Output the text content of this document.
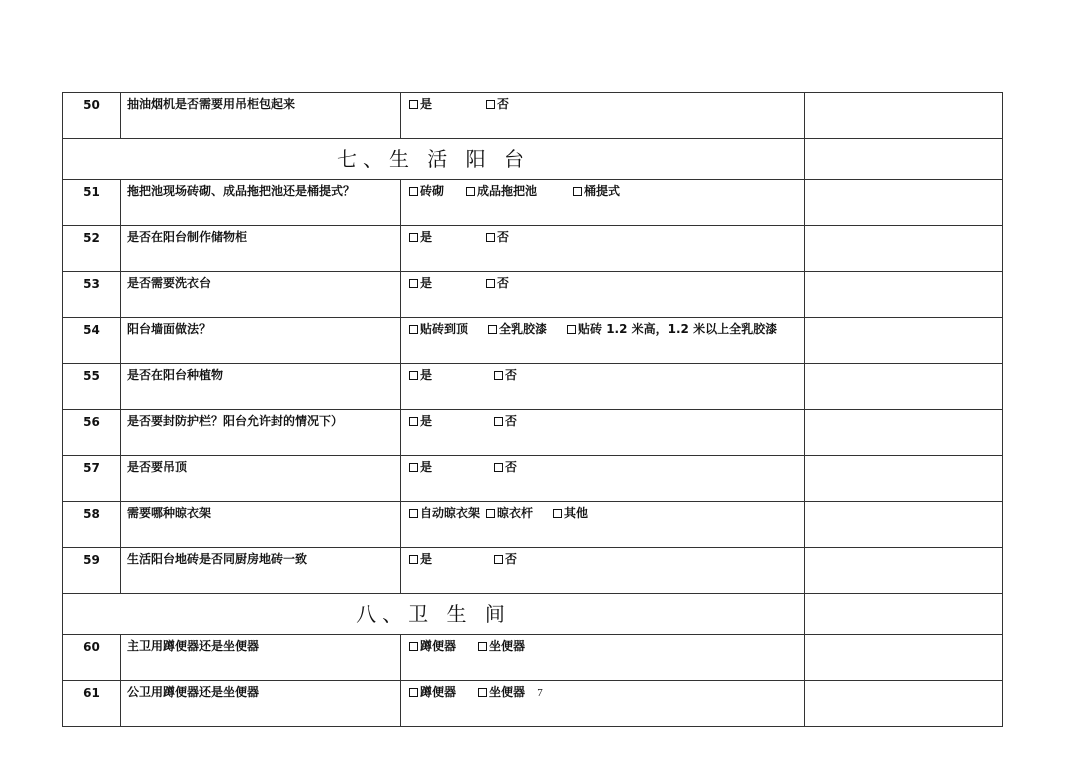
50	抽油烟机是否需要用吊柜包起来	是 否	
七、生 活 阳 台			
51	拖把池现场砖砌、成品拖把池还是桶提式？	砖砌 成品拖把池 桶提式	
52	是否在阳台制作储物柜	是 否	
53	是否需要洗衣台	是 否	
54	阳台墙面做法？	贴砖到顶 全乳胶漆 贴砖 1.2 米高，1.2 米以上全乳胶漆	
55	是否在阳台种植物	是 否	
56	是否要封防护栏？阳台允许封的情况下）	是 否	
57	是否要吊顶	是 否	
58	需要哪种晾衣架	自动晾衣架 晾衣杆 其他	
59	生活阳台地砖是否同厨房地砖一致	是 否	
八、卫 生 间			
60	主卫用蹲便器还是坐便器	蹲便器 坐便器	
61	公卫用蹲便器还是坐便器	蹲便器 坐便器		7
